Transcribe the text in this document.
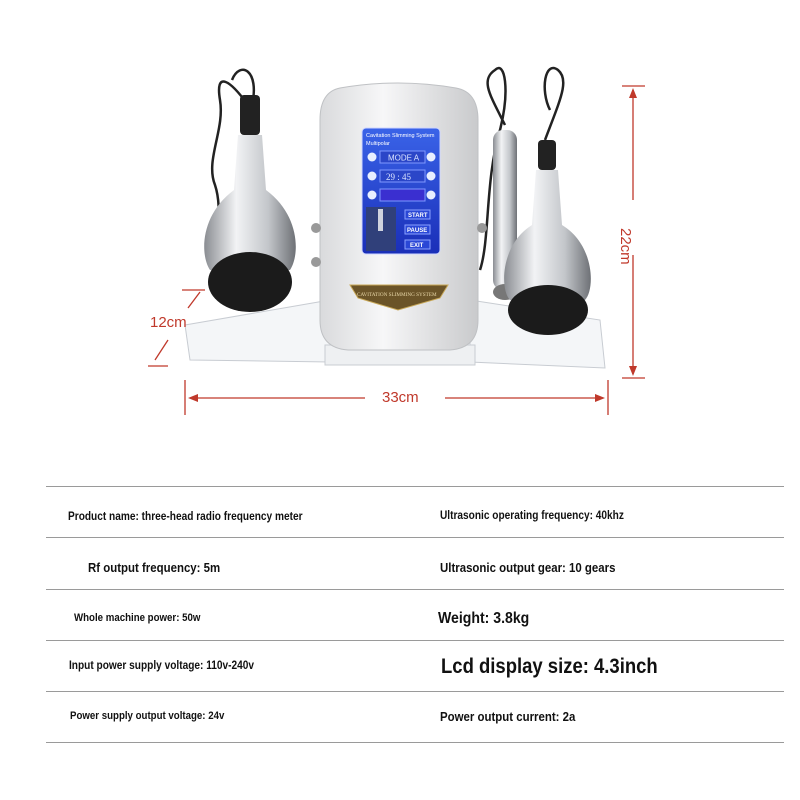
Cavitation Slimming System
Multipolar
MODE A
29 : 45
START
PAUSE
EXIT
CAVITATION SLIMMING SYSTEM
22cm
12cm
33cm
Product name: three-head radio frequency meter	Ultrasonic operating frequency: 40khz
Rf output frequency: 5m	Ultrasonic output gear: 10 gears
Whole machine power: 50w	Weight: 3.8kg
Input power supply voltage: 110v-240v	Lcd display size: 4.3inch
Power supply output voltage: 24v	Power output current: 2a
